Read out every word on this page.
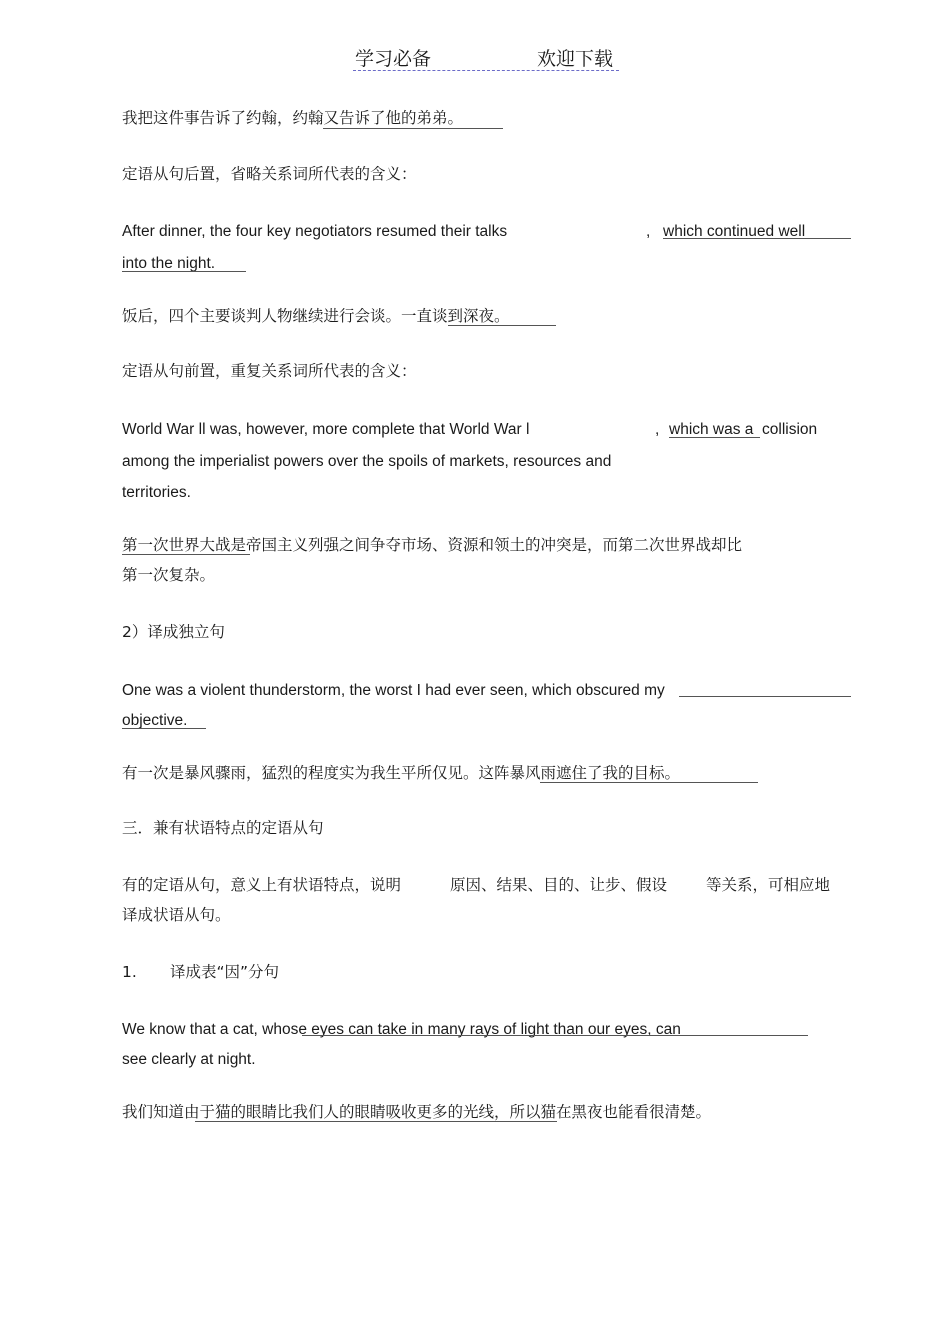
学习必备	欢迎下载
我把这件事告诉了约翰，约翰又告诉了他的弟弟。
定语从句后置，省略关系词所代表的含义：
After dinner, the four key negotiators resumed their talks	, which continued well
into the night.
饭后，四个主要谈判人物继续进行会谈。一直谈到深夜。
定语从句前置，重复关系词所代表的含义：
World War ll was, however, more complete that World War l	, which was a collision
among the imperialist powers over the spoils of markets, resources and
territories.
第一次世界大战是帝国主义列强之间争夺市场、资源和领土的冲突是，而第二次世界战却比
第一次复杂。
2）译成独立句
One was a violent thunderstorm, the worst I had ever seen, which obscured my
objective.
有一次是暴风骤雨，猛烈的程度实为我生平所仅见。这阵暴风雨遮住了我的目标。
三．兼有状语特点的定语从句
有的定语从句，意义上有状语特点，说明	原因、结果、目的、让步、假设	等关系，可相应地
译成状语从句。
1. 译成表“因”分句
We know that a cat, whose eyes can take in many rays of light than our eyes, can
see clearly at night.
我们知道由于猫的眼睛比我们人的眼睛吸收更多的光线，所以猫在黑夜也能看很清楚。
